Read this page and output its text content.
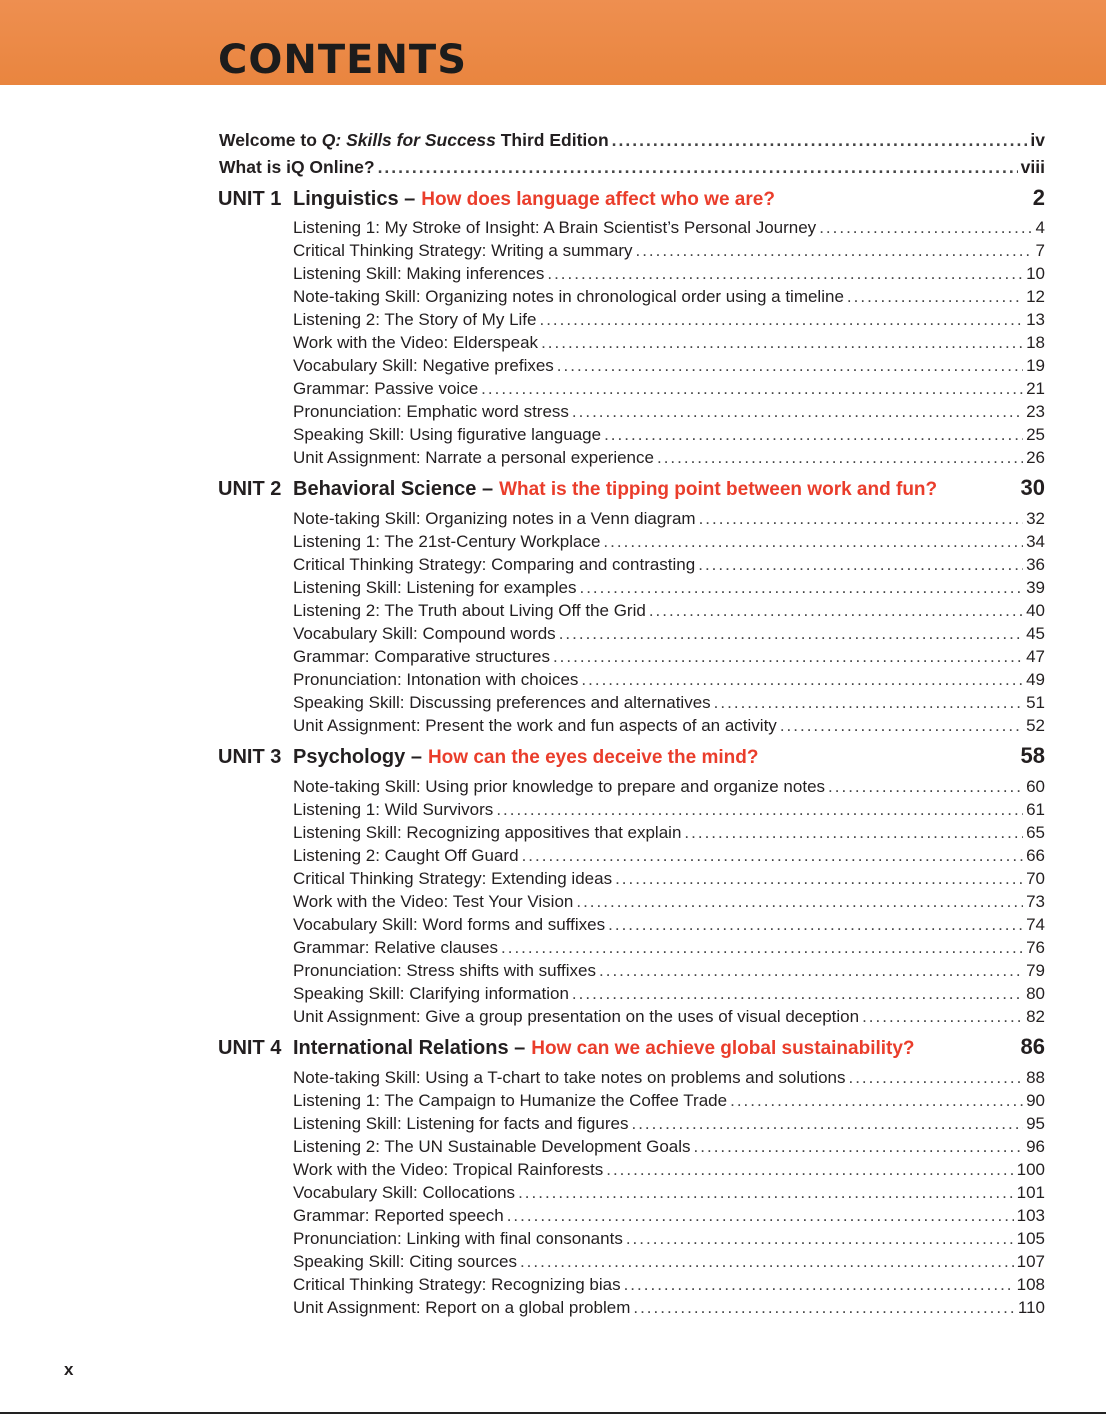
CONTENTS
Welcome to Q: Skills for Success Third Edition .....	iv
What is iQ Online? .....	viii
UNIT 1 Linguistics – How does language affect who we are?	2
Listening 1: My Stroke of Insight: A Brain Scientist’s Personal Journey .....	4
Critical Thinking Strategy: Writing a summary .....	7
Listening Skill: Making inferences .....	10
Note-taking Skill: Organizing notes in chronological order using a timeline .....	12
Listening 2: The Story of My Life .....	13
Work with the Video: Elderspeak .....	18
Vocabulary Skill: Negative prefixes .....	19
Grammar: Passive voice .....	21
Pronunciation: Emphatic word stress .....	23
Speaking Skill: Using figurative language .....	25
Unit Assignment: Narrate a personal experience .....	26
UNIT 2 Behavioral Science – What is the tipping point between work and fun?	30
Note-taking Skill: Organizing notes in a Venn diagram .....	32
Listening 1: The 21st-Century Workplace .....	34
Critical Thinking Strategy: Comparing and contrasting .....	36
Listening Skill: Listening for examples .....	39
Listening 2: The Truth about Living Off the Grid .....	40
Vocabulary Skill: Compound words .....	45
Grammar: Comparative structures .....	47
Pronunciation: Intonation with choices .....	49
Speaking Skill: Discussing preferences and alternatives .....	51
Unit Assignment: Present the work and fun aspects of an activity .....	52
UNIT 3 Psychology – How can the eyes deceive the mind?	58
Note-taking Skill: Using prior knowledge to prepare and organize notes .....	60
Listening 1: Wild Survivors .....	61
Listening Skill: Recognizing appositives that explain .....	65
Listening 2: Caught Off Guard .....	66
Critical Thinking Strategy: Extending ideas .....	70
Work with the Video: Test Your Vision .....	73
Vocabulary Skill: Word forms and suffixes .....	74
Grammar: Relative clauses .....	76
Pronunciation: Stress shifts with suffixes .....	79
Speaking Skill: Clarifying information .....	80
Unit Assignment: Give a group presentation on the uses of visual deception .....	82
UNIT 4 International Relations – How can we achieve global sustainability?	86
Note-taking Skill: Using a T-chart to take notes on problems and solutions .....	88
Listening 1: The Campaign to Humanize the Coffee Trade .....	90
Listening Skill: Listening for facts and figures .....	95
Listening 2: The UN Sustainable Development Goals .....	96
Work with the Video: Tropical Rainforests .....	100
Vocabulary Skill: Collocations .....	101
Grammar: Reported speech .....	103
Pronunciation: Linking with final consonants .....	105
Speaking Skill: Citing sources .....	107
Critical Thinking Strategy: Recognizing bias .....	108
Unit Assignment: Report on a global problem .....	110
x
